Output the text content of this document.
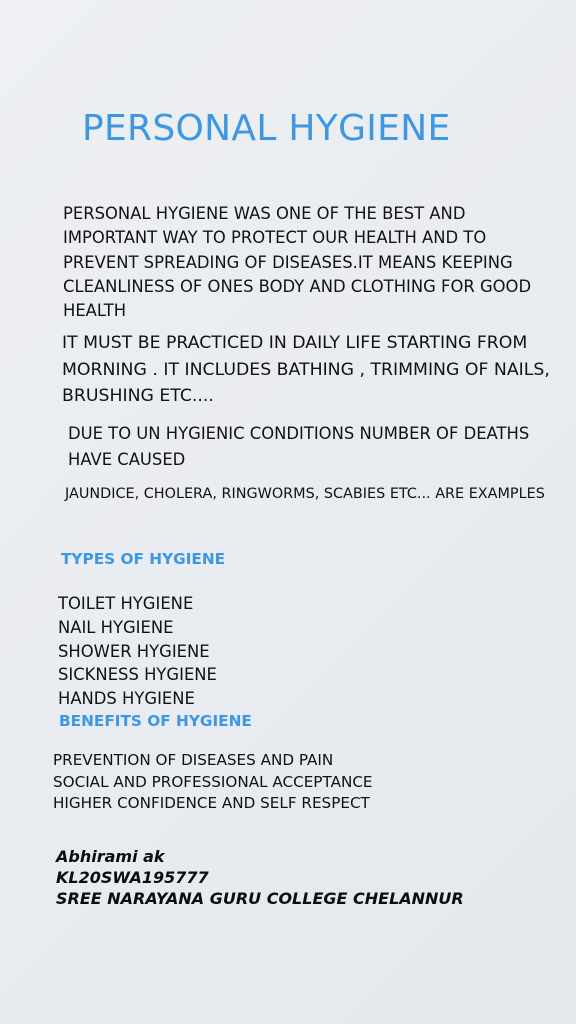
PERSONAL HYGIENE

PERSONAL HYGIENE WAS ONE OF THE BEST AND IMPORTANT WAY TO PROTECT OUR HEALTH AND TO PREVENT SPREADING OF DISEASES.IT MEANS KEEPING CLEANLINESS OF ONES BODY AND CLOTHING FOR GOOD HEALTH

IT MUST BE PRACTICED IN DAILY LIFE STARTING FROM MORNING . IT INCLUDES BATHING , TRIMMING OF NAILS, BRUSHING ETC....

DUE TO UN HYGIENIC CONDITIONS NUMBER OF DEATHS HAVE CAUSED

JAUNDICE, CHOLERA, RINGWORMS, SCABIES ETC... ARE EXAMPLES

TYPES OF HYGIENE
TOILET HYGIENE
NAIL HYGIENE
SHOWER HYGIENE
SICKNESS HYGIENE
HANDS HYGIENE
BENEFITS OF HYGIENE
PREVENTION OF DISEASES AND PAIN
SOCIAL AND PROFESSIONAL ACCEPTANCE
HIGHER CONFIDENCE AND SELF RESPECT
Abhirami ak
KL20SWA195777
SREE NARAYANA GURU COLLEGE CHELANNUR
